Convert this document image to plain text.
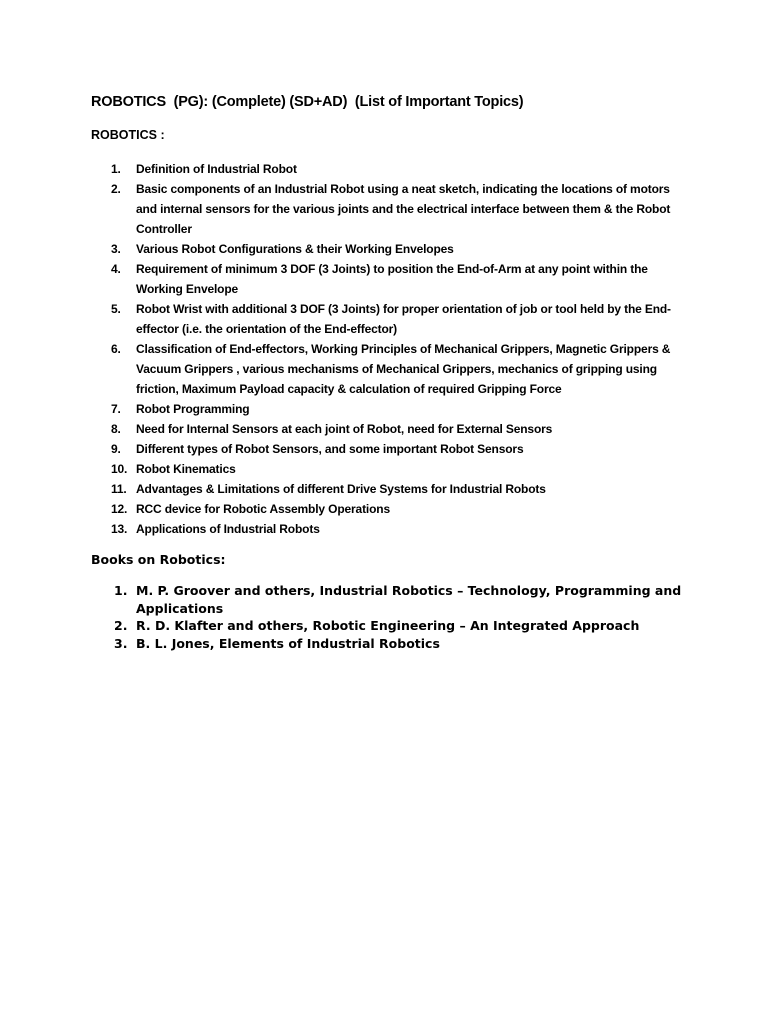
ROBOTICS  (PG): (Complete) (SD+AD)  (List of Important Topics)

ROBOTICS :

1.	Definition of Industrial Robot
2.	Basic components of an Industrial Robot using a neat sketch, indicating the locations of motors and internal sensors for the various joints and the electrical interface between them & the Robot Controller
3.	Various Robot Configurations & their Working Envelopes
4.	Requirement of minimum 3 DOF (3 Joints) to position the End-of-Arm at any point within the Working Envelope
5.	Robot Wrist with additional 3 DOF (3 Joints) for proper orientation of job or tool held by the End-effector (i.e. the orientation of the End-effector)
6.	Classification of End-effectors, Working Principles of Mechanical Grippers, Magnetic Grippers & Vacuum Grippers , various mechanisms of Mechanical Grippers, mechanics of gripping using friction, Maximum Payload capacity & calculation of required Gripping Force
7.	Robot Programming
8.	Need for Internal Sensors at each joint of Robot, need for External Sensors
9.	Different types of Robot Sensors, and some important Robot Sensors
10. Robot Kinematics
11. Advantages & Limitations of different Drive Systems for Industrial Robots
12. RCC device for Robotic Assembly Operations
13. Applications of Industrial Robots

Books on Robotics:

1. M. P. Groover and others, Industrial Robotics – Technology, Programming and Applications
2. R. D. Klafter and others, Robotic Engineering – An Integrated Approach
3. B. L. Jones, Elements of Industrial Robotics
